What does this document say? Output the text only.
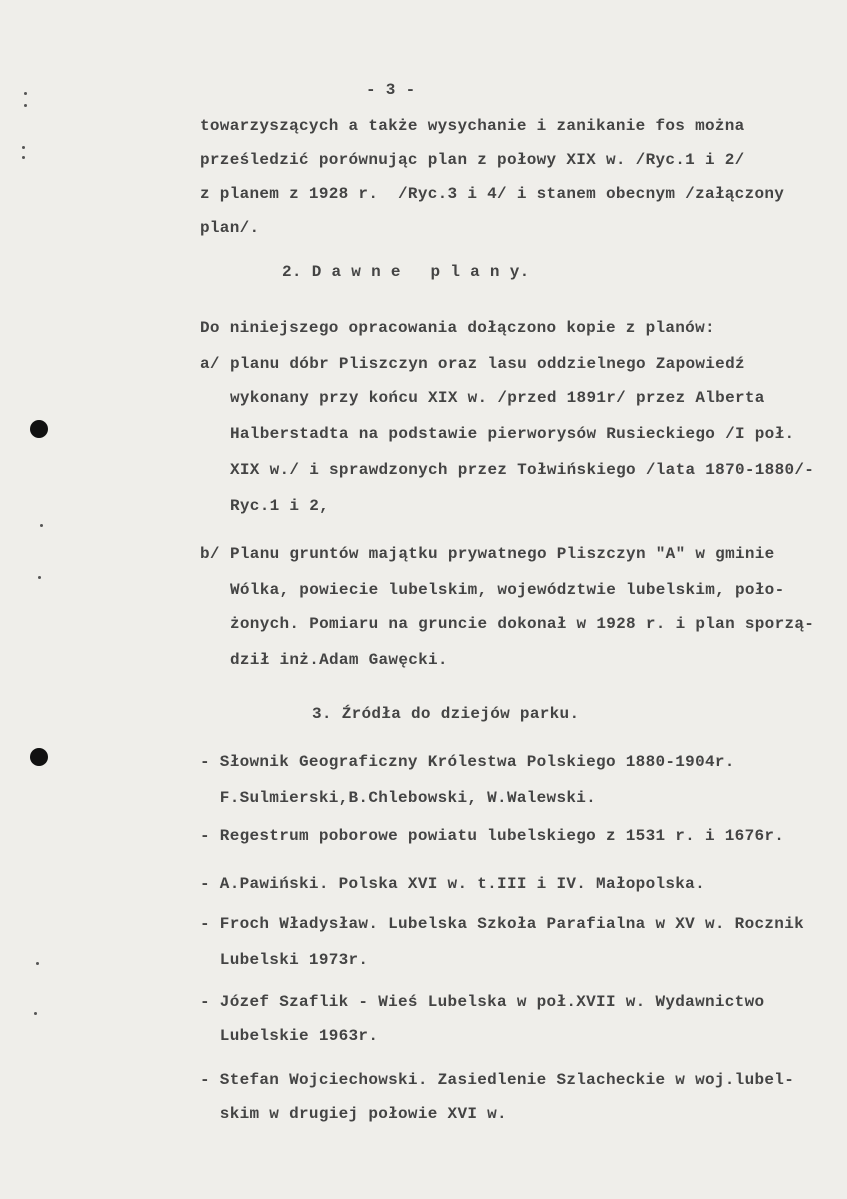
- 3 -
towarzyszących a także wysychanie i zanikanie fos można
prześledzić porównując plan z połowy XIX w. /Ryc.1 i 2/
z planem z 1928 r.  /Ryc.3 i 4/ i stanem obecnym /załączony
plan/.
2. D a w n e   p l a n y.
Do niniejszego opracowania dołączono kopie z planów:
a/ planu dóbr Pliszczyn oraz lasu oddzielnego Zapowiedź
wykonany przy końcu XIX w. /przed 1891r/ przez Alberta
Halberstadta na podstawie pierworysów Rusieckiego /I poł.
XIX w./ i sprawdzonych przez Tołwińskiego /lata 1870-1880/-
Ryc.1 i 2,
b/ Planu gruntów majątku prywatnego Pliszczyn "A" w gminie
Wólka, powiecie lubelskim, województwie lubelskim, poło-
żonych. Pomiaru na gruncie dokonał w 1928 r. i plan sporzą-
dził inż.Adam Gawęcki.
3. Źródła do dziejów parku.
- Słownik Geograficzny Królestwa Polskiego 1880-1904r.
F.Sulmierski,B.Chlebowski, W.Walewski.
- Regestrum poborowe powiatu lubelskiego z 1531 r. i 1676r.
- A.Pawiński. Polska XVI w. t.III i IV. Małopolska.
- Froch Władysław. Lubelska Szkoła Parafialna w XV w. Rocznik
Lubelski 1973r.
- Józef Szaflik - Wieś Lubelska w poł.XVII w. Wydawnictwo
Lubelskie 1963r.
- Stefan Wojciechowski. Zasiedlenie Szlacheckie w woj.lubel-
skim w drugiej połowie XVI w.
